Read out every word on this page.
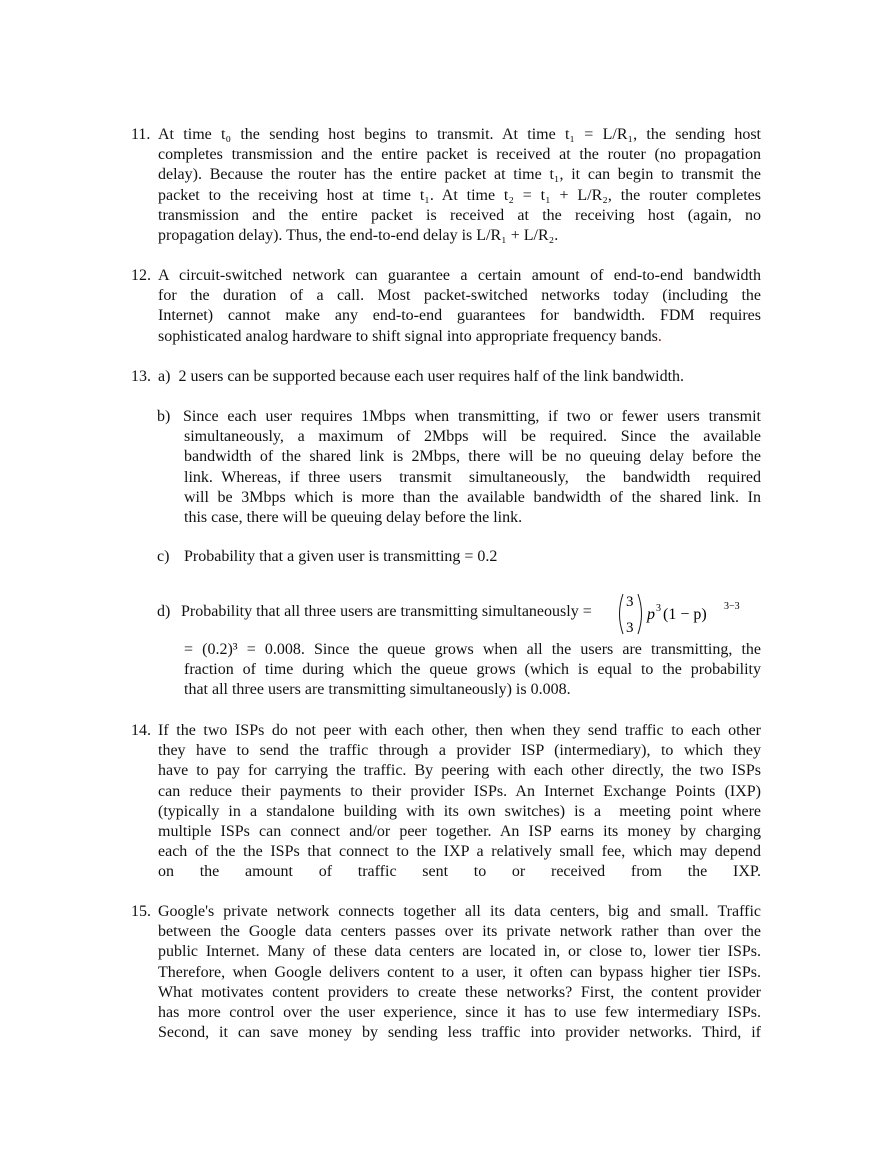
11. At time t₀ the sending host begins to transmit. At time t₁ = L/R₁, the sending host
completes transmission and the entire packet is received at the router (no propagation
delay). Because the router has the entire packet at time t₁, it can begin to transmit the
packet to the receiving host at time t₁. At time t₂ = t₁ + L/R₂, the router completes
transmission and the entire packet is received at the receiving host (again, no
propagation delay). Thus, the end-to-end delay is L/R₁ + L/R₂.
12. A circuit-switched network can guarantee a certain amount of end-to-end bandwidth
for the duration of a call. Most packet-switched networks today (including the
Internet) cannot make any end-to-end guarantees for bandwidth. FDM requires
sophisticated analog hardware to shift signal into appropriate frequency bands.
13. a) 2 users can be supported because each user requires half of the link bandwidth.
b) Since each user requires 1Mbps when transmitting, if two or fewer users transmit
simultaneously, a maximum of 2Mbps will be required. Since the available
bandwidth of the shared link is 2Mbps, there will be no queuing delay before the
link. Whereas, if three users  transmit  simultaneously,  the  bandwidth  required
will be 3Mbps which is more than the available bandwidth of the shared link. In
this case, there will be queuing delay before the link.
c) Probability that a given user is transmitting = 0.2
d) Probability that all three users are transmitting simultaneously =
3
3
p 3 (1 − p) 3−3
= (0.2)³ = 0.008. Since the queue grows when all the users are transmitting, the
fraction of time during which the queue grows (which is equal to the probability
that all three users are transmitting simultaneously) is 0.008.
14. If the two ISPs do not peer with each other, then when they send traffic to each other
they have to send the traffic through a provider ISP (intermediary), to which they
have to pay for carrying the traffic. By peering with each other directly, the two ISPs
can reduce their payments to their provider ISPs. An Internet Exchange Points (IXP)
(typically in a standalone building with its own switches) is a  meeting point where
multiple ISPs can connect and/or peer together. An ISP earns its money by charging
each of the the ISPs that connect to the IXP a relatively small fee, which may depend
on the amount of traffic sent to or received from the IXP.
15. Google's private network connects together all its data centers, big and small. Traffic
between the Google data centers passes over its private network rather than over the
public Internet. Many of these data centers are located in, or close to, lower tier ISPs.
Therefore, when Google delivers content to a user, it often can bypass higher tier ISPs.
What motivates content providers to create these networks? First, the content provider
has more control over the user experience, since it has to use few intermediary ISPs.
Second, it can save money by sending less traffic into provider networks. Third, if
